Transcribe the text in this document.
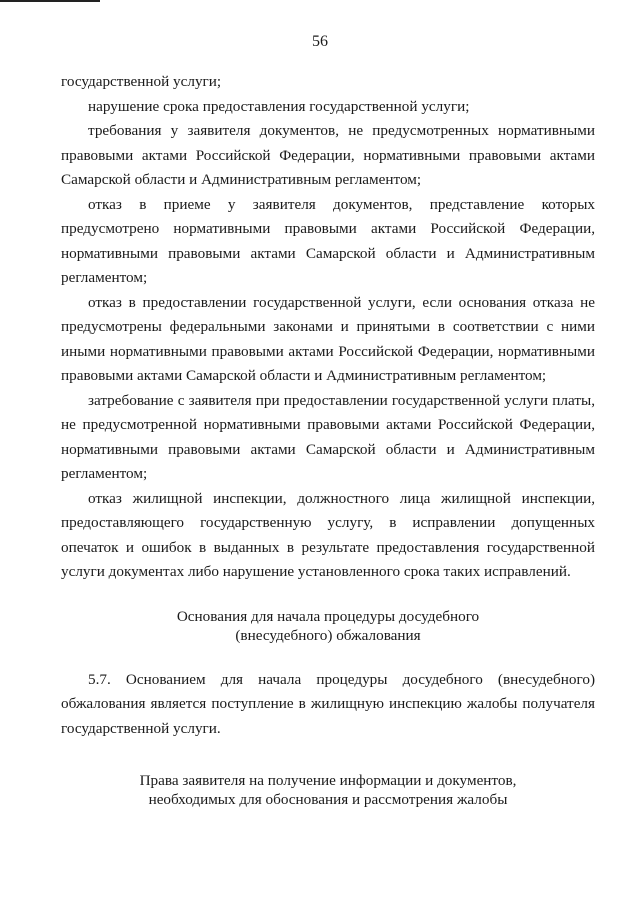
56

государственной услуги;

нарушение срока предоставления государственной услуги;

требования у заявителя документов, не предусмотренных нормативными правовыми актами Российской Федерации, нормативными правовыми актами Самарской области и Административным регламентом;

отказ в приеме у заявителя документов, представление которых предусмотрено нормативными правовыми актами Российской Федерации, нормативными правовыми актами Самарской области и Административным регламентом;

отказ в предоставлении государственной услуги, если основания отказа не предусмотрены федеральными законами и принятыми в соответствии с ними иными нормативными правовыми актами Российской Федерации, нормативными правовыми актами Самарской области и Административным регламентом;

затребование с заявителя при предоставлении государственной услуги платы, не предусмотренной нормативными правовыми актами Российской Федерации, нормативными правовыми актами Самарской области и Административным регламентом;

отказ жилищной инспекции, должностного лица жилищной инспекции, предоставляющего государственную услугу, в исправлении допущенных опечаток и ошибок в выданных в результате предоставления государственной услуги документах либо нарушение установленного срока таких исправлений.

Основания для начала процедуры досудебного
(внесудебного) обжалования

5.7. Основанием для начала процедуры досудебного (внесудебного) обжалования является поступление в жилищную инспекцию жалобы получателя государственной услуги.

Права заявителя на получение информации и документов,
необходимых для обоснования и рассмотрения жалобы
